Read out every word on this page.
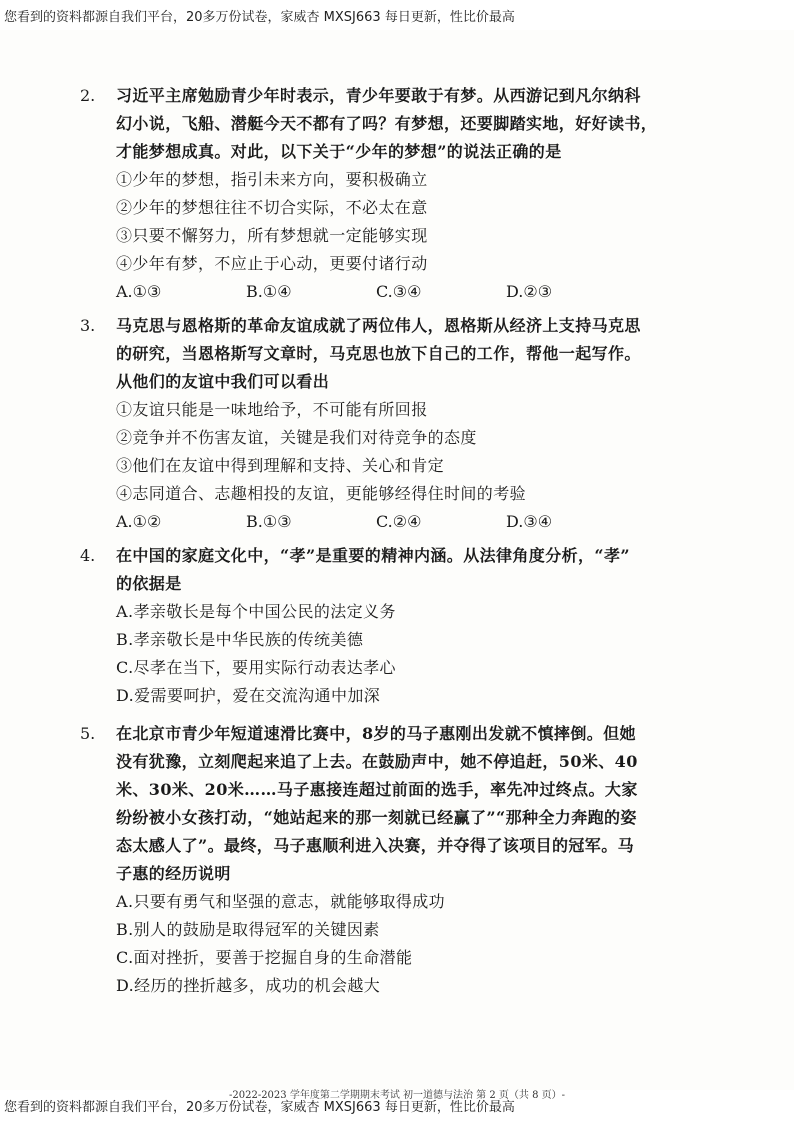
您看到的资料都源自我们平台，20多万份试卷，家威杏 MXSJ663 每日更新，性比价最高
2. 习近平主席勉励青少年时表示，青少年要敢于有梦。从西游记到凡尔纳科
幻小说，飞船、潜艇今天不都有了吗？有梦想，还要脚踏实地，好好读书，
才能梦想成真。对此，以下关于“少年的梦想”的说法正确的是
①少年的梦想，指引未来方向，要积极确立
②少年的梦想往往不切合实际，不必太在意
③只要不懈努力，所有梦想就一定能够实现
④少年有梦，不应止于心动，更要付诸行动
A.①③	B.①④	C.③④	D.②③
3. 马克思与恩格斯的革命友谊成就了两位伟人，恩格斯从经济上支持马克思
的研究，当恩格斯写文章时，马克思也放下自己的工作，帮他一起写作。
从他们的友谊中我们可以看出
①友谊只能是一味地给予，不可能有所回报
②竞争并不伤害友谊，关键是我们对待竞争的态度
③他们在友谊中得到理解和支持、关心和肯定
④志同道合、志趣相投的友谊，更能够经得住时间的考验
A.①②	B.①③	C.②④	D.③④
4. 在中国的家庭文化中，“孝”是重要的精神内涵。从法律角度分析，“孝”
的依据是
A.孝亲敬长是每个中国公民的法定义务
B.孝亲敬长是中华民族的传统美德
C.尽孝在当下，要用实际行动表达孝心
D.爱需要呵护，爱在交流沟通中加深
5. 在北京市青少年短道速滑比赛中，8岁的马子惠刚出发就不慎摔倒。但她
没有犹豫，立刻爬起来追了上去。在鼓励声中，她不停追赶，50米、40
米、30米、20米……马子惠接连超过前面的选手，率先冲过终点。大家
纷纷被小女孩打动，“她站起来的那一刻就已经赢了”“那种全力奔跑的姿
态太感人了”。最终，马子惠顺利进入决赛，并夺得了该项目的冠军。马
子惠的经历说明
A.只要有勇气和坚强的意志，就能够取得成功
B.别人的鼓励是取得冠军的关键因素
C.面对挫折，要善于挖掘自身的生命潜能
D.经历的挫折越多，成功的机会越大
-2022-2023 学年度第二学期期末考试 初一道德与法治 第 2 页（共 8 页）-
您看到的资料都源自我们平台，20多万份试卷，家威杏 MXSJ663 每日更新，性比价最高
